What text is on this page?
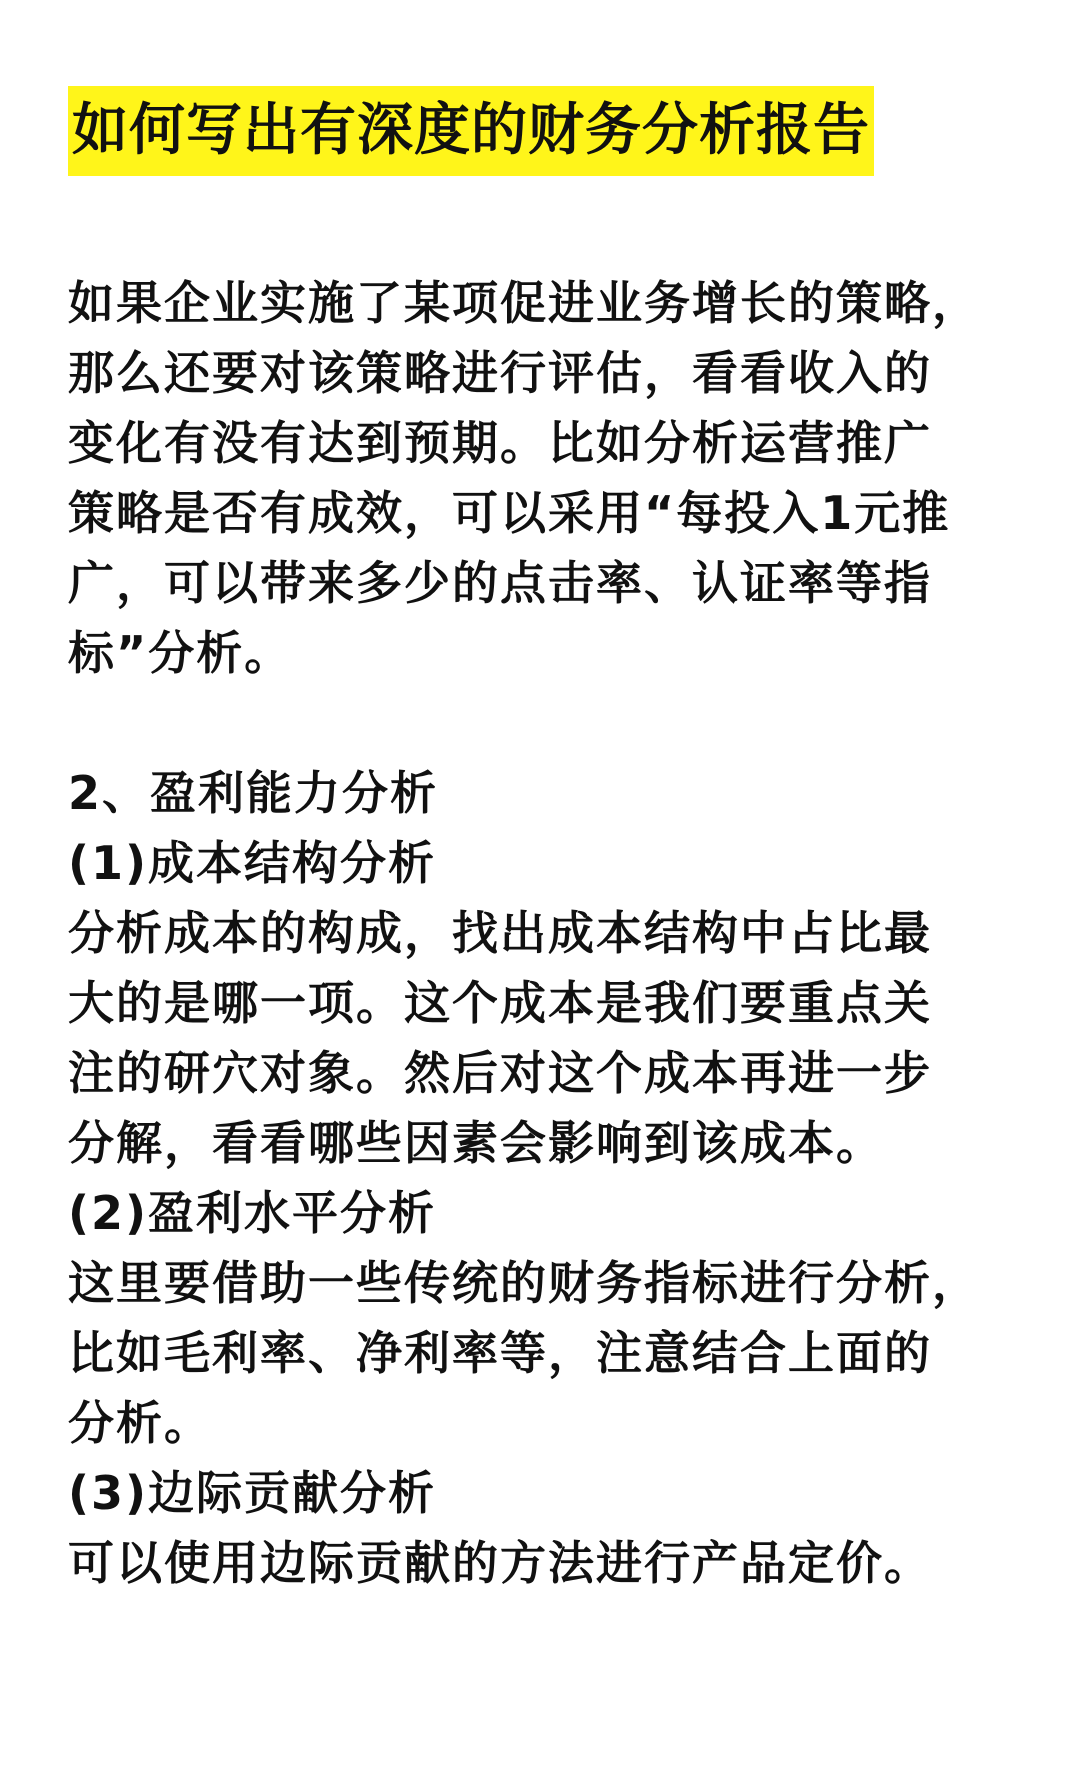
如何写出有深度的财务分析报告
如果企业实施了某项促进业务增长的策略，
那么还要对该策略进行评估，看看收入的
变化有没有达到预期。比如分析运营推广
策略是否有成效，可以采用“每投入1元推
广，可以带来多少的点击率、认证率等指
标”分析。
2、盈利能力分析
(1)成本结构分析
分析成本的构成，找出成本结构中占比最
大的是哪一项。这个成本是我们要重点关
注的研穴对象。然后对这个成本再进一步
分解，看看哪些因素会影响到该成本。
(2)盈利水平分析
这里要借助一些传统的财务指标进行分析，
比如毛利率、净利率等，注意结合上面的
分析。
(3)边际贡献分析
可以使用边际贡献的方法进行产品定价。
